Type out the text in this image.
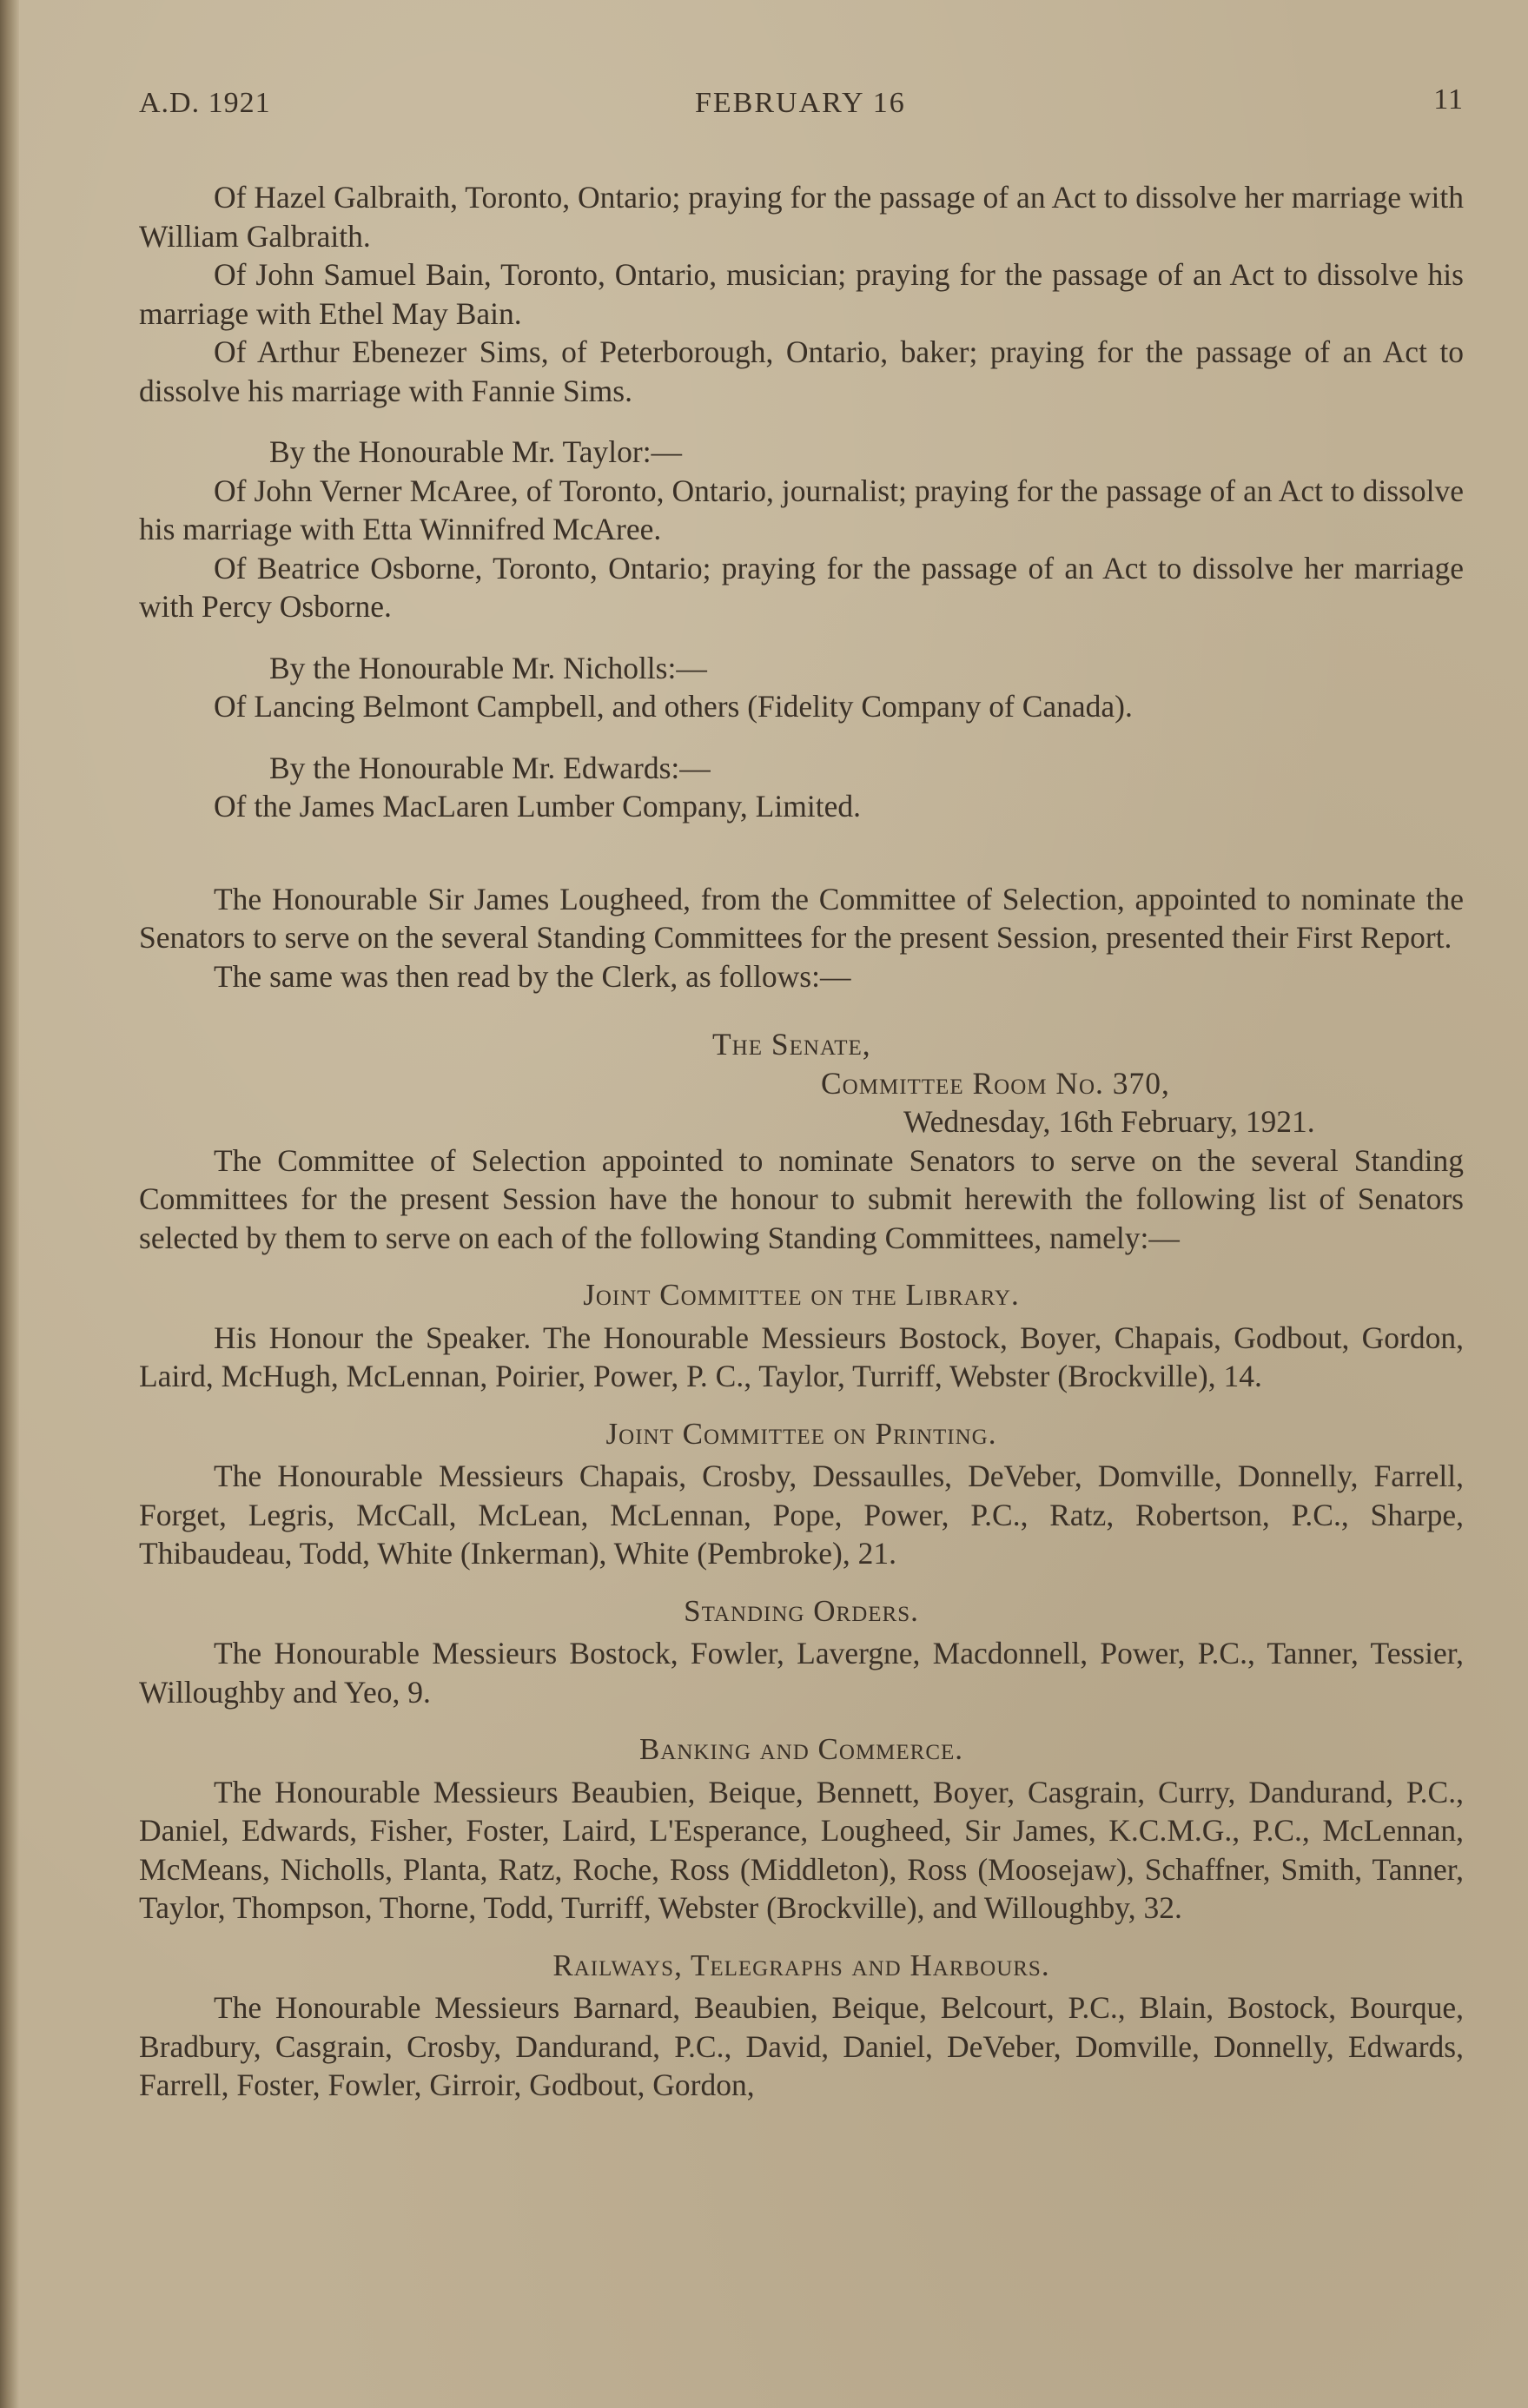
A.D. 1921	FEBRUARY 16	11

Of Hazel Galbraith, Toronto, Ontario; praying for the passage of an Act to dissolve her marriage with William Galbraith.

Of John Samuel Bain, Toronto, Ontario, musician; praying for the passage of an Act to dissolve his marriage with Ethel May Bain.

Of Arthur Ebenezer Sims, of Peterborough, Ontario, baker; praying for the passage of an Act to dissolve his marriage with Fannie Sims.

By the Honourable Mr. Taylor:—

Of John Verner McAree, of Toronto, Ontario, journalist; praying for the passage of an Act to dissolve his marriage with Etta Winnifred McAree.

Of Beatrice Osborne, Toronto, Ontario; praying for the passage of an Act to dissolve her marriage with Percy Osborne.

By the Honourable Mr. Nicholls:—

Of Lancing Belmont Campbell, and others (Fidelity Company of Canada).

By the Honourable Mr. Edwards:—

Of the James MacLaren Lumber Company, Limited.

The Honourable Sir James Lougheed, from the Committee of Selection, appointed to nominate the Senators to serve on the several Standing Committees for the present Session, presented their First Report.

The same was then read by the Clerk, as follows:—

The Senate,

Committee Room No. 370,

Wednesday, 16th February, 1921.

The Committee of Selection appointed to nominate Senators to serve on the several Standing Committees for the present Session have the honour to submit herewith the following list of Senators selected by them to serve on each of the following Standing Committees, namely:—

Joint Committee on the Library.

His Honour the Speaker. The Honourable Messieurs Bostock, Boyer, Chapais, Godbout, Gordon, Laird, McHugh, McLennan, Poirier, Power, P. C., Taylor, Turriff, Webster (Brockville), 14.

Joint Committee on Printing.

The Honourable Messieurs Chapais, Crosby, Dessaulles, DeVeber, Domville, Donnelly, Farrell, Forget, Legris, McCall, McLean, McLennan, Pope, Power, P.C., Ratz, Robertson, P.C., Sharpe, Thibaudeau, Todd, White (Inkerman), White (Pembroke), 21.

Standing Orders.

The Honourable Messieurs Bostock, Fowler, Lavergne, Macdonnell, Power, P.C., Tanner, Tessier, Willoughby and Yeo, 9.

Banking and Commerce.

The Honourable Messieurs Beaubien, Beique, Bennett, Boyer, Casgrain, Curry, Dandurand, P.C., Daniel, Edwards, Fisher, Foster, Laird, L'Esperance, Lougheed, Sir James, K.C.M.G., P.C., McLennan, McMeans, Nicholls, Planta, Ratz, Roche, Ross (Middleton), Ross (Moosejaw), Schaffner, Smith, Tanner, Taylor, Thompson, Thorne, Todd, Turriff, Webster (Brockville), and Willoughby, 32.

Railways, Telegraphs and Harbours.

The Honourable Messieurs Barnard, Beaubien, Beique, Belcourt, P.C., Blain, Bostock, Bourque, Bradbury, Casgrain, Crosby, Dandurand, P.C., David, Daniel, DeVeber, Domville, Donnelly, Edwards, Farrell, Foster, Fowler, Girroir, Godbout, Gordon,
